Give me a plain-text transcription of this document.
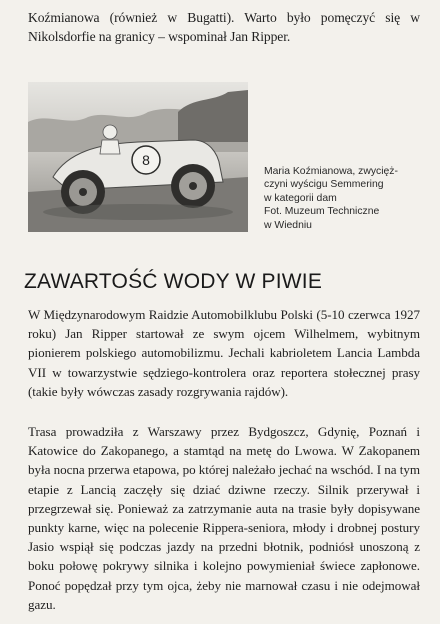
Koźmianowa (również w Bugatti). Warto było pomęczyć się w Nikolsdorfie na granicy – wspominał Jan Ripper.
8
Maria Koźmianowa, zwycięż-
czyni wyścigu Semmering
w kategorii dam
Fot. Muzeum Techniczne
w Wiedniu
ZAWARTOŚĆ WODY W PIWIE
W Międzynarodowym Raidzie Automobilklubu Polski (5-10 czerwca 1927 roku) Jan Ripper startował ze swym ojcem Wilhelmem, wybitnym pionierem polskiego automobilizmu. Jechali kabrioletem Lancia Lambda VII w towarzystwie sędziego-kontrolera oraz reportera stołecznej prasy (takie były wówczas zasady rozgrywania rajdów).
Trasa prowadziła z Warszawy przez Bydgoszcz, Gdynię, Poznań i Katowice do Zakopanego, a stamtąd na metę do Lwowa. W Zakopanem była nocna przerwa etapowa, po której należało jechać na wschód. I na tym etapie z Lancią zaczęły się dziać dziwne rzeczy. Silnik przerywał i przegrzewał się. Ponieważ za zatrzymanie auta na trasie były dopisywane punkty karne, więc na polecenie Rippera-seniora, młody i drobnej postury Jasio wspiął się podczas jazdy na przedni błotnik, podniósł unoszoną z boku połowę pokrywy silnika i kolejno powymieniał świece zapłonowe. Ponoć popędzał przy tym ojca, żeby nie marnował czasu i nie odejmował gazu.
